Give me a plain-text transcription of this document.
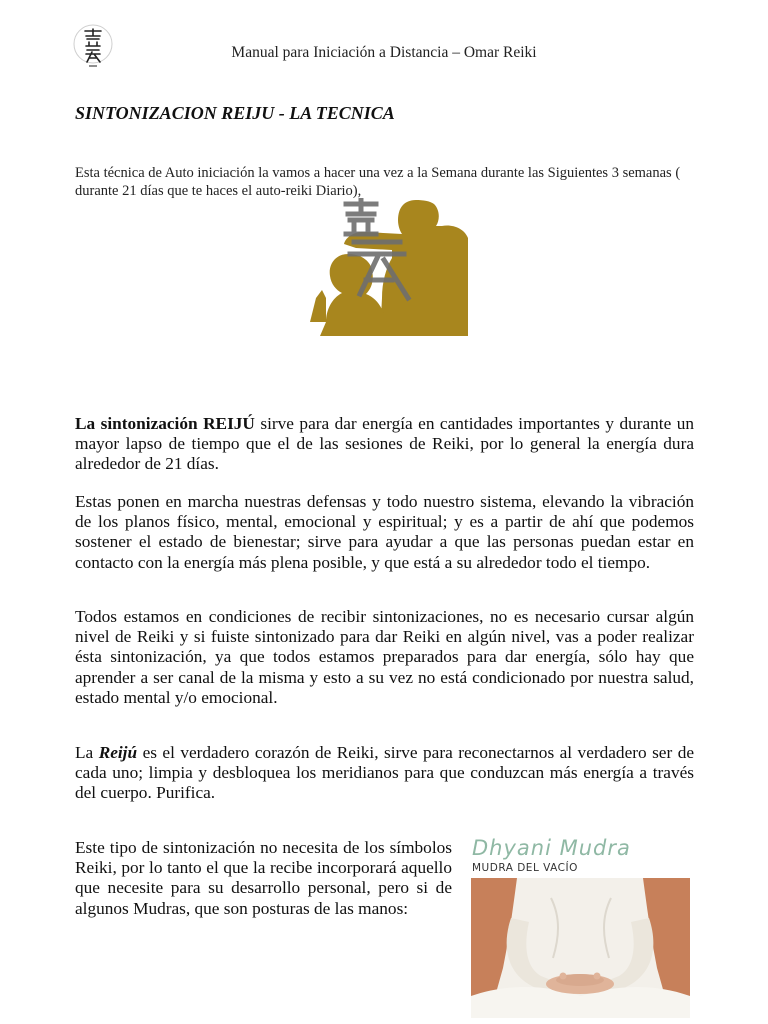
Manual para Iniciación a Distancia – Omar Reiki
SINTONIZACION REIJU - LA TECNICA

Esta técnica de Auto iniciación la vamos a hacer una vez a la Semana durante las Siguientes 3 semanas ( durante 21 días que te haces el auto-reiki Diario),

La sintonización REIJÚ sirve para dar energía en cantidades importantes y durante un mayor lapso de tiempo que el de las sesiones de Reiki, por lo general la energía dura alrededor de 21 días.

Estas ponen en marcha nuestras defensas y todo nuestro sistema, elevando la vibración de los planos físico, mental, emocional y espiritual; y es a partir de ahí que podemos sostener el estado de bienestar; sirve para ayudar a que las personas puedan estar en contacto con la energía más plena posible, y que está a su alrededor todo el tiempo.

Todos estamos en condiciones de recibir sintonizaciones, no es necesario cursar algún nivel de Reiki y si fuiste sintonizado para dar Reiki en algún nivel, vas a poder realizar ésta sintonización, ya que todos estamos preparados para dar energía, sólo hay que aprender a ser canal de la misma y esto a su vez no está condicionado por nuestra salud, estado mental y/o emocional.

La Reijú es el verdadero corazón de Reiki, sirve para reconectarnos al verdadero ser de cada uno; limpia y desbloquea los meridianos para que conduzcan más energía a través del cuerpo. Purifica.

Este tipo de sintonización no necesita de los símbolos Reiki, por lo tanto el que la recibe incorporará aquello que necesite para su desarrollo personal, pero si de algunos Mudras, que son posturas de las manos:

Dhyani Mudra
MUDRA DEL VACÍO
